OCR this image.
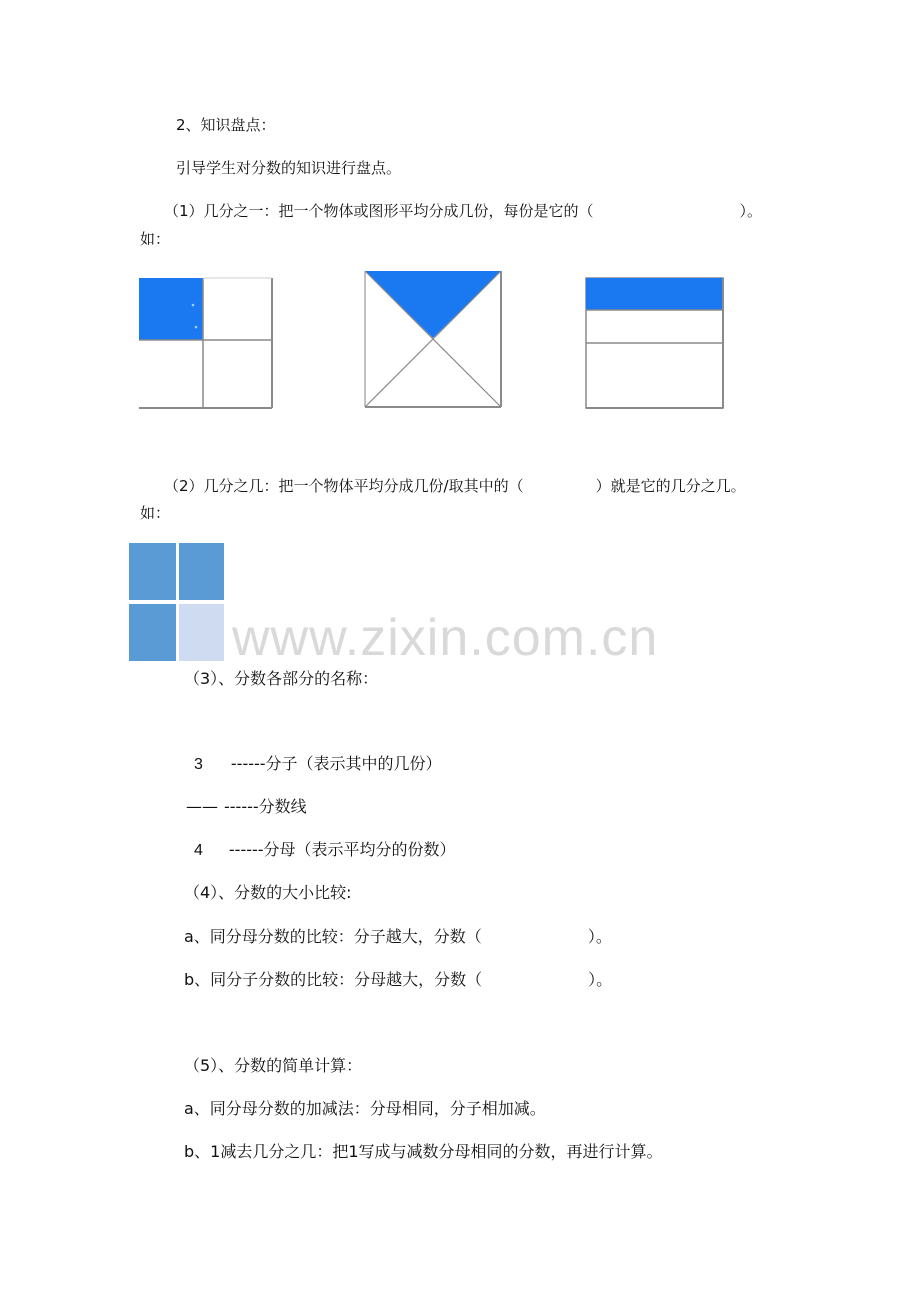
2、知识盘点：
引导学生对分数的知识进行盘点。
（1）几分之一：把一个物体或图形平均分成几份，每份是它的（	）。
如：
（2）几分之几：把一个物体平均分成几份/取其中的（	）就是它的几分之几。
如：
www.zixin.com.cn
（3）、分数各部分的名称：
3 ------分子（表示其中的几份）
—— ------分数线
4 ------分母（表示平均分的份数）
（4）、分数的大小比较:
a、同分母分数的比较：分子越大，分数（	）。
b、同分子分数的比较：分母越大，分数（	）。
（5）、分数的简单计算：
a、同分母分数的加减法：分母相同，分子相加减。
b、1减去几分之几：把1写成与减数分母相同的分数，再进行计算。
